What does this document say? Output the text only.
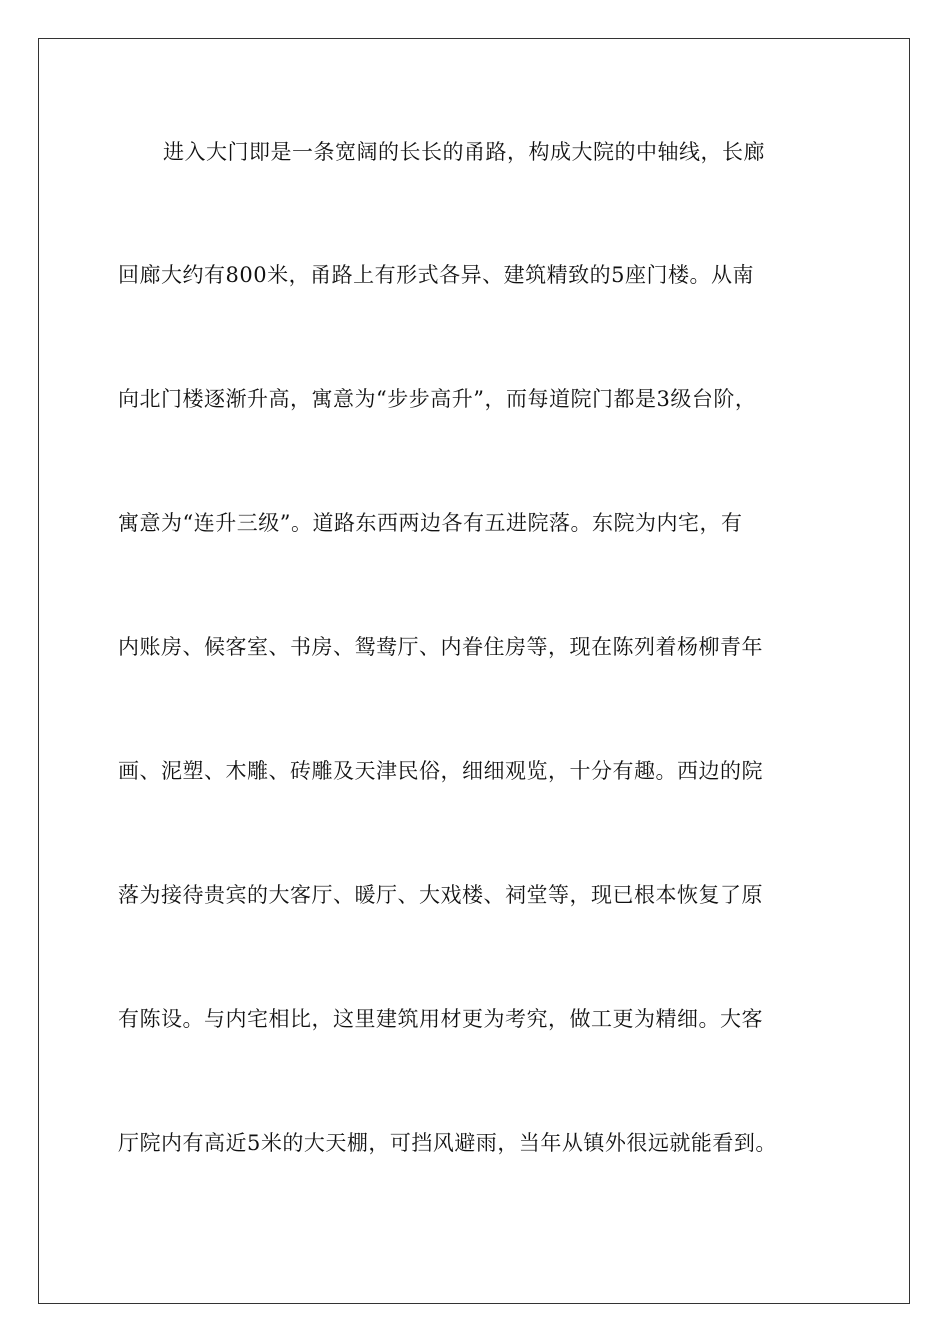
进入大门即是一条宽阔的长长的甬路，构成大院的中轴线，长廊
回廊大约有800米，甬路上有形式各异、建筑精致的5座门楼。从南
向北门楼逐渐升高，寓意为“步步高升”，而每道院门都是3级台阶，
寓意为“连升三级”。道路东西两边各有五进院落。东院为内宅，有
内账房、候客室、书房、鸳鸯厅、内眷住房等，现在陈列着杨柳青年
画、泥塑、木雕、砖雕及天津民俗，细细观览，十分有趣。西边的院
落为接待贵宾的大客厅、暖厅、大戏楼、祠堂等，现已根本恢复了原
有陈设。与内宅相比，这里建筑用材更为考究，做工更为精细。大客
厅院内有高近5米的大天棚，可挡风避雨，当年从镇外很远就能看到。
